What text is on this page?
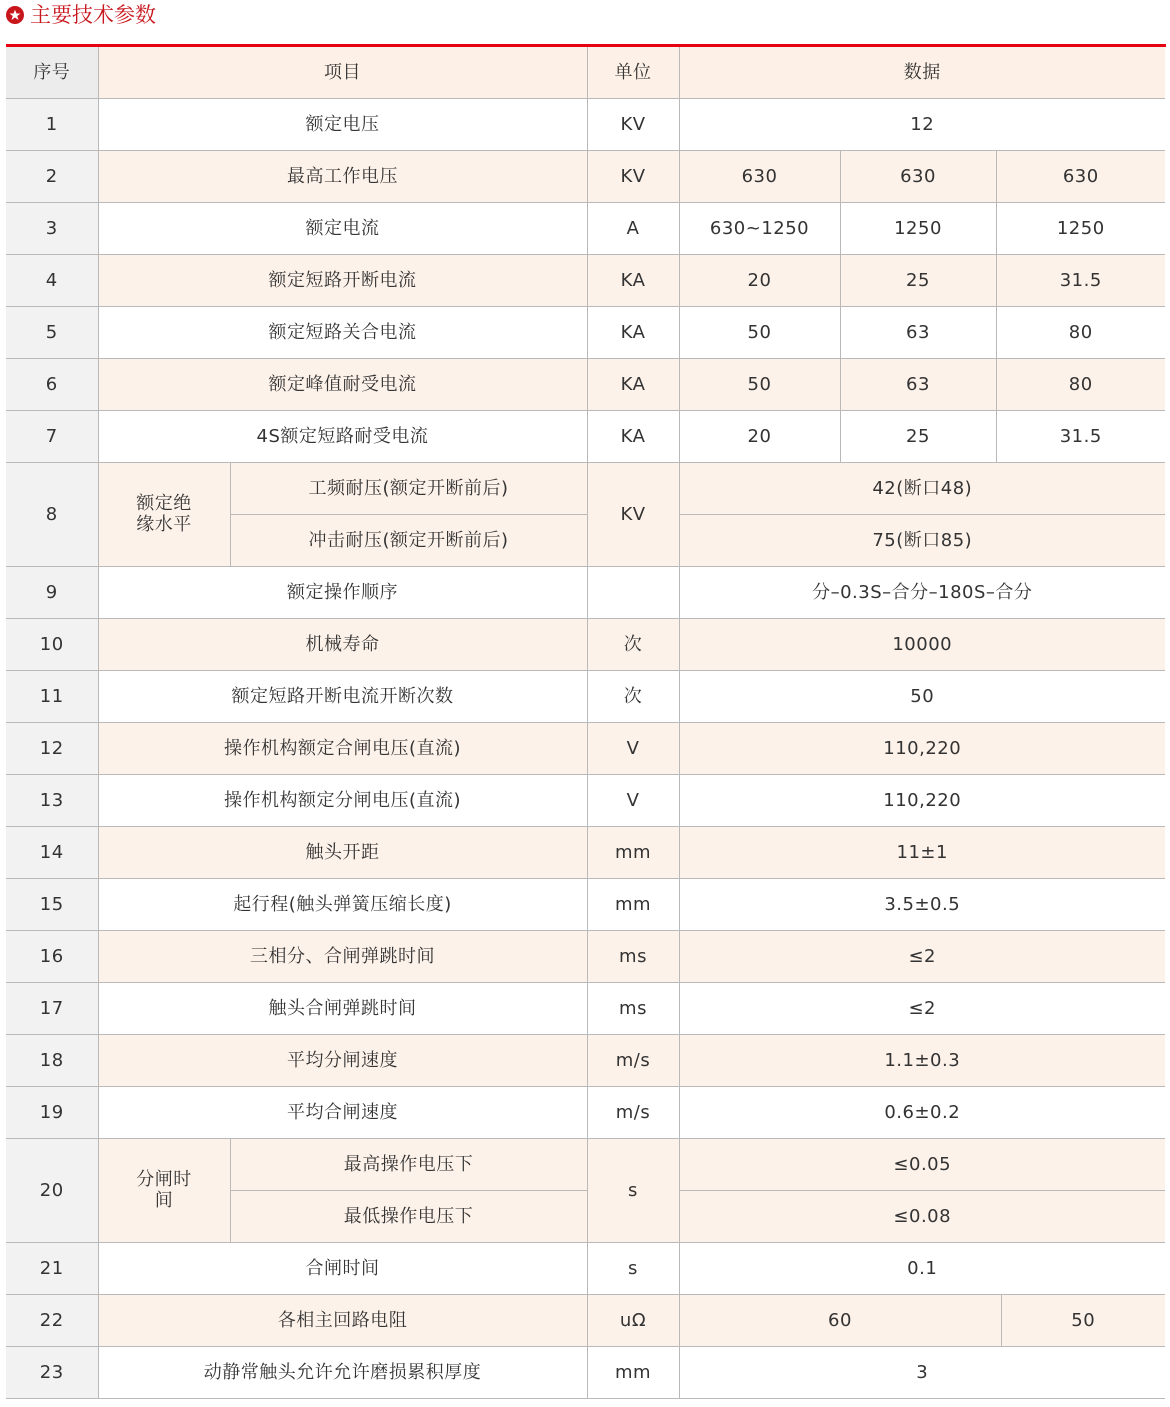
主要技术参数
序号	项目		单位	数据			
1	额定电压		KV	12			
2	最高工作电压		KV	630	630	630	
3	额定电流		A	630~1250	1250	1250	
4	额定短路开断电流		KA	20	25	31.5	
5	额定短路关合电流		KA	50	63	80	
6	额定峰值耐受电流		KA	50	63	80	
7	4S额定短路耐受电流		KA	20	25	31.5	
8	额定绝缘水平	工频耐压(额定开断前后)	KV	42(断口48)			
		冲击耐压(额定开断前后)		75(断口85)			
9	额定操作顺序			分–0.3S–合分–180S–合分			
10	机械寿命		次	10000			
11	额定短路开断电流开断次数		次	50			
12	操作机构额定合闸电压(直流)		V	110,220			
13	操作机构额定分闸电压(直流)		V	110,220			
14	触头开距		mm	11±1			
15	起行程(触头弹簧压缩长度)		mm	3.5±0.5			
16	三相分、合闸弹跳时间		ms	≤2			
17	触头合闸弹跳时间		ms	≤2			
18	平均分闸速度		m/s	1.1±0.3			
19	平均合闸速度		m/s	0.6±0.2			
20	分闸时间	最高操作电压下	s	≤0.05			
		最低操作电压下		≤0.08			
21	合闸时间		s	0.1			
22	各相主回路电阻		uΩ	60			50
23	动静常触头允许允许磨损累积厚度		mm	3			
